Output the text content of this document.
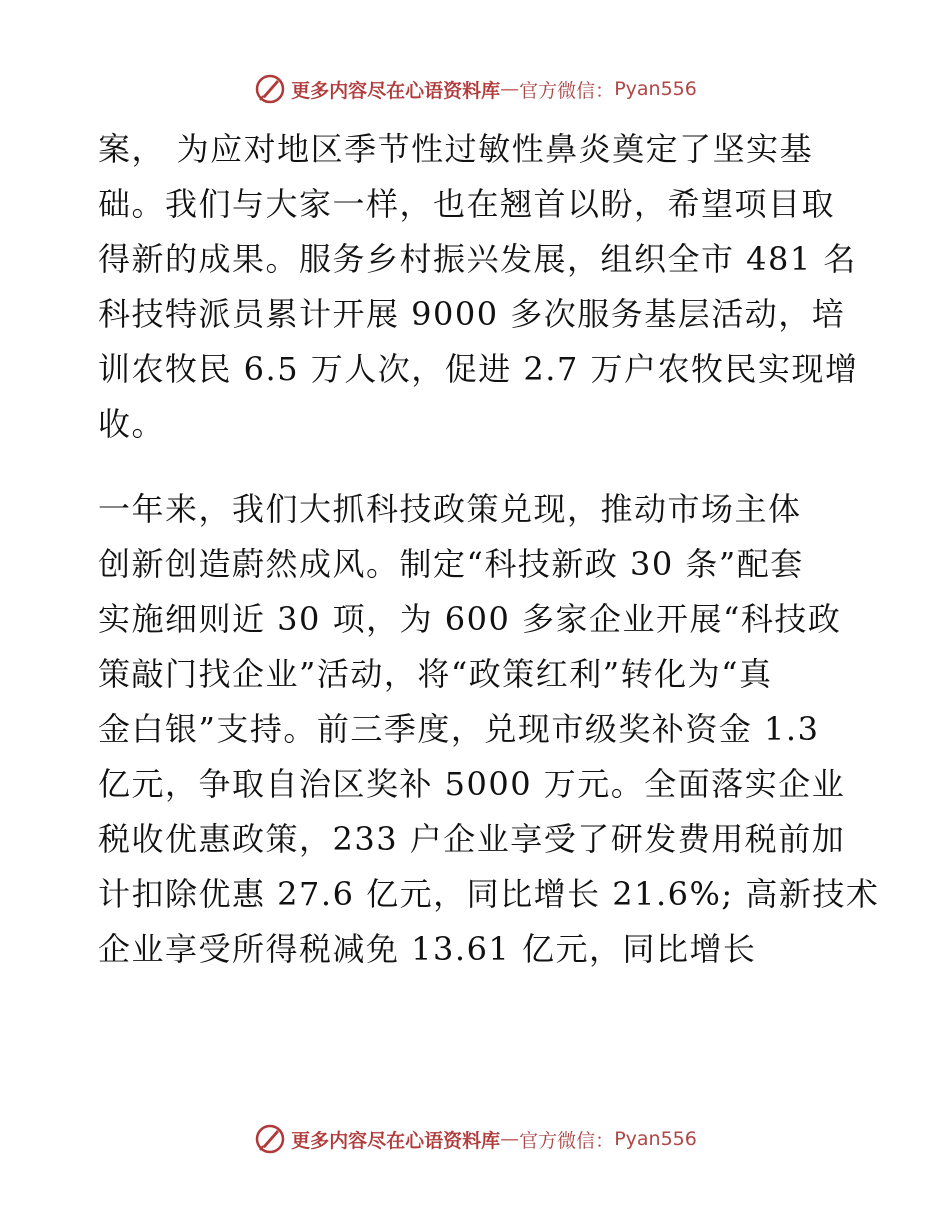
更多内容尽在心语资料库 — 官方微信： Pyan556
案， 为应对地区季节性过敏性鼻炎奠定了坚实基
础。我们与大家一样，也在翘首以盼，希望项目取
得新的成果。服务乡村振兴发展，组织全市 481 名
科技特派员累计开展 9000 多次服务基层活动，培
训农牧民 6.5 万人次，促进 2.7 万户农牧民实现增
收。
一年来，我们大抓科技政策兑现，推动市场主体
创新创造蔚然成风。制定“科技新政 30 条”配套
实施细则近 30 项，为 600 多家企业开展“科技政
策敲门找企业”活动，将“政策红利”转化为“真
金白银”支持。前三季度，兑现市级奖补资金 1.3
亿元，争取自治区奖补 5000 万元。全面落实企业
税收优惠政策，233 户企业享受了研发费用税前加
计扣除优惠 27.6 亿元，同比增长 21.6%; 高新技术
企业享受所得税减免 13.61 亿元，同比增长
更多内容尽在心语资料库 — 官方微信： Pyan556
